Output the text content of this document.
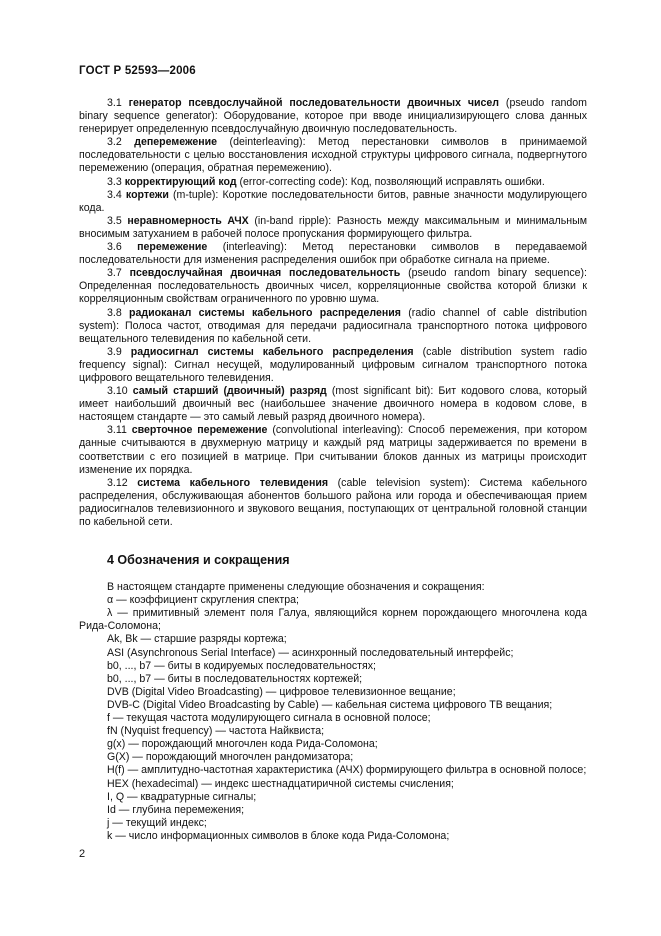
ГОСТ Р 52593—2006

3.1 генератор псевдослучайной последовательности двоичных чисел (pseudo random binary sequence generator): Оборудование, которое при вводе инициализирующего слова данных генерирует определенную псевдослучайную двоичную последовательность.

3.2 деперемежение (deinterleaving): Метод перестановки символов в принимаемой последовательности с целью восстановления исходной структуры цифрового сигнала, подвергнутого перемежению (операция, обратная перемежению).

3.3 корректирующий код (error-correcting code): Код, позволяющий исправлять ошибки.

3.4 кортежи (m-tuple): Короткие последовательности битов, равные значности модулирующего кода.

3.5 неравномерность АЧХ (in-band ripple): Разность между максимальным и минимальным вносимым затуханием в рабочей полосе пропускания формирующего фильтра.

3.6 перемежение (interleaving): Метод перестановки символов в передаваемой последовательности для изменения распределения ошибок при обработке сигнала на приеме.

3.7 псевдослучайная двоичная последовательность (pseudo random binary sequence): Определенная последовательность двоичных чисел, корреляционные свойства которой близки к корреляционным свойствам ограниченного по уровню шума.

3.8 радиоканал системы кабельного распределения (radio channel of cable distribution system): Полоса частот, отводимая для передачи радиосигнала транспортного потока цифрового вещательного телевидения по кабельной сети.

3.9 радиосигнал системы кабельного распределения (cable distribution system radio frequency signal): Сигнал несущей, модулированный цифровым сигналом транспортного потока цифрового вещательного телевидения.

3.10 самый старший (двоичный) разряд (most significant bit): Бит кодового слова, который имеет наибольший двоичный вес (наибольшее значение двоичного номера в кодовом слове, в настоящем стандарте — это самый левый разряд двоичного номера).

3.11 сверточное перемежение (convolutional interleaving): Способ перемежения, при котором данные считываются в двухмерную матрицу и каждый ряд матрицы задерживается по времени в соответствии с его позицией в матрице. При считывании блоков данных из матрицы происходит изменение их порядка.

3.12 система кабельного телевидения (cable television system): Система кабельного распределения, обслуживающая абонентов большого района или города и обеспечивающая прием радиосигналов телевизионного и звукового вещания, поступающих от центральной головной станции по кабельной сети.

4 Обозначения и сокращения

В настоящем стандарте применены следующие обозначения и сокращения:

α — коэффициент скругления спектра;

λ — примитивный элемент поля Галуа, являющийся корнем порождающего многочлена кода Рида-Соломона;

Ak, Bk — старшие разряды кортежа;

ASI (Asynchronous Serial Interface) — асинхронный последовательный интерфейс;

b0, ..., b7 — биты в кодируемых последовательностях;

b0, ..., b7 — биты в последовательностях кортежей;

DVB (Digital Video Broadcasting) — цифровое телевизионное вещание;

DVB-C (Digital Video Broadcasting by Cable) — кабельная система цифрового ТВ вещания;

f — текущая частота модулирующего сигнала в основной полосе;

fN (Nyquist frequency) — частота Найквиста;

g(x) — порождающий многочлен кода Рида-Соломона;

G(X) — порождающий многочлен рандомизатора;

H(f) — амплитудно-частотная характеристика (АЧХ) формирующего фильтра в основной полосе;

HEX (hexadecimal) — индекс шестнадцатиричной системы счисления;

I, Q — квадратурные сигналы;

Id — глубина перемежения;

j — текущий индекс;

k — число информационных символов в блоке кода Рида-Соломона;

2
